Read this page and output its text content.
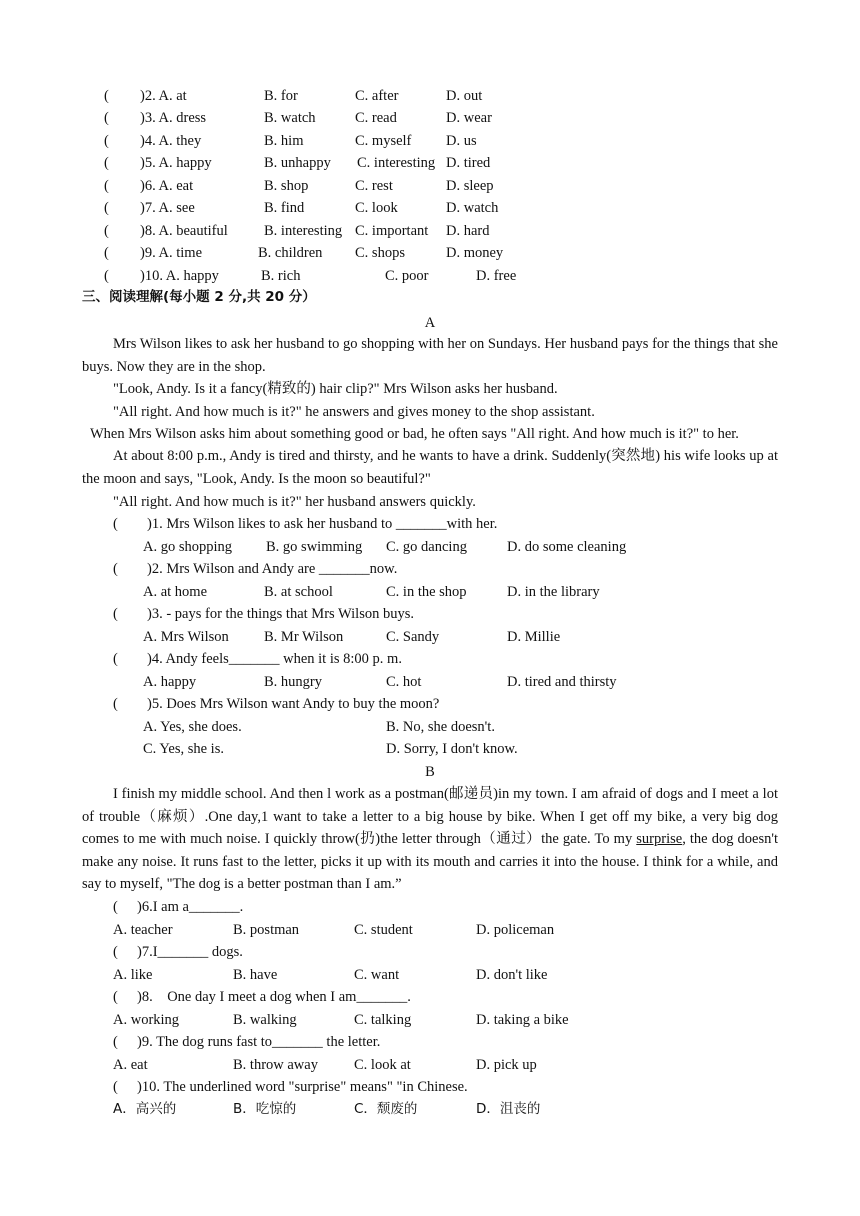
( )2. A. at	B. for	C. after	D. out
( )3. A. dress	B. watch	C. read	D. wear
( )4. A. they	B. him	C. myself D. us
( )5. A. happy	B. unhappy C. interesting D. tired
( )6. A. eat	B. shop	C. rest	D. sleep
( )7. A. see	B. find	C. look	D. watch
( )8. A. beautiful B. interesting C. important D. hard
( )9. A. time	B. children C. shops	D. money
( )10. A. happy	B. rich	C. poor	D. free
三、阅读理解(每小题 2 分,共 20 分）
A
Mrs Wilson likes to ask her husband to go shopping with her on Sundays. Her husband pays for the things that she buys. Now they are in the shop.
"Look, Andy. Is it a fancy(精致的) hair clip?" Mrs Wilson asks her husband.
"All right. And how much is it?" he answers and gives money to the shop assistant.
When Mrs Wilson asks him about something good or bad, he often says "All right. And how much is it?" to her.
At about 8:00 p.m., Andy is tired and thirsty, and he wants to have a drink. Suddenly(突然地) his wife looks up at the moon and says, "Look, Andy. Is the moon so beautiful?"
"All right. And how much is it?" her husband answers quickly.
( )1. Mrs Wilson likes to ask her husband to _______with her.
A. go shopping B. go swimming C. go dancing	D. do some cleaning
( )2. Mrs Wilson and Andy are _______now.
A. at home	B. at school	C. in the shop	D. in the library
( )3. - pays for the things that Mrs Wilson buys.
A. Mrs Wilson B. Mr Wilson	C. Sandy	D. Millie
( )4. Andy feels_______ when it is 8:00 p. m.
A. happy	B. hungry	C. hot	D. tired and thirsty
( )5. Does Mrs Wilson want Andy to buy the moon?
A. Yes, she does.	B. No, she doesn't.
C. Yes, she is.	D. Sorry, I don't know.
B
I finish my middle school. And then l work as a postman(邮递员)in my town. I am afraid of dogs and I meet a lot of trouble（麻烦）.One day,1 want to take a letter to a big house by bike. When I get off my bike, a very big dog comes to me with much noise. I quickly throw(扔)the letter through（通过）the gate. To my surprise, the dog doesn't make any noise. It runs fast to the letter, picks it up with its mouth and carries it into the house. I think for a while, and say to myself, "The dog is a better postman than I am.”
( )6.I am a_______.
A. teacher	B. postman	C. student	D. policeman
( )7.I_______ dogs.
A. like	B. have	C. want	D. don't like
( )8.    One day I meet a dog when I am_______.
A. working	B. walking	C. talking	D. taking a bike
( )9. The dog runs fast to_______ the letter.
A. eat	B. throw away C. look at	D. pick up
( )10. The underlined word "surprise" means" "in Chinese.
A．高兴的	B．吃惊的	C．颓废的	D．沮丧的
